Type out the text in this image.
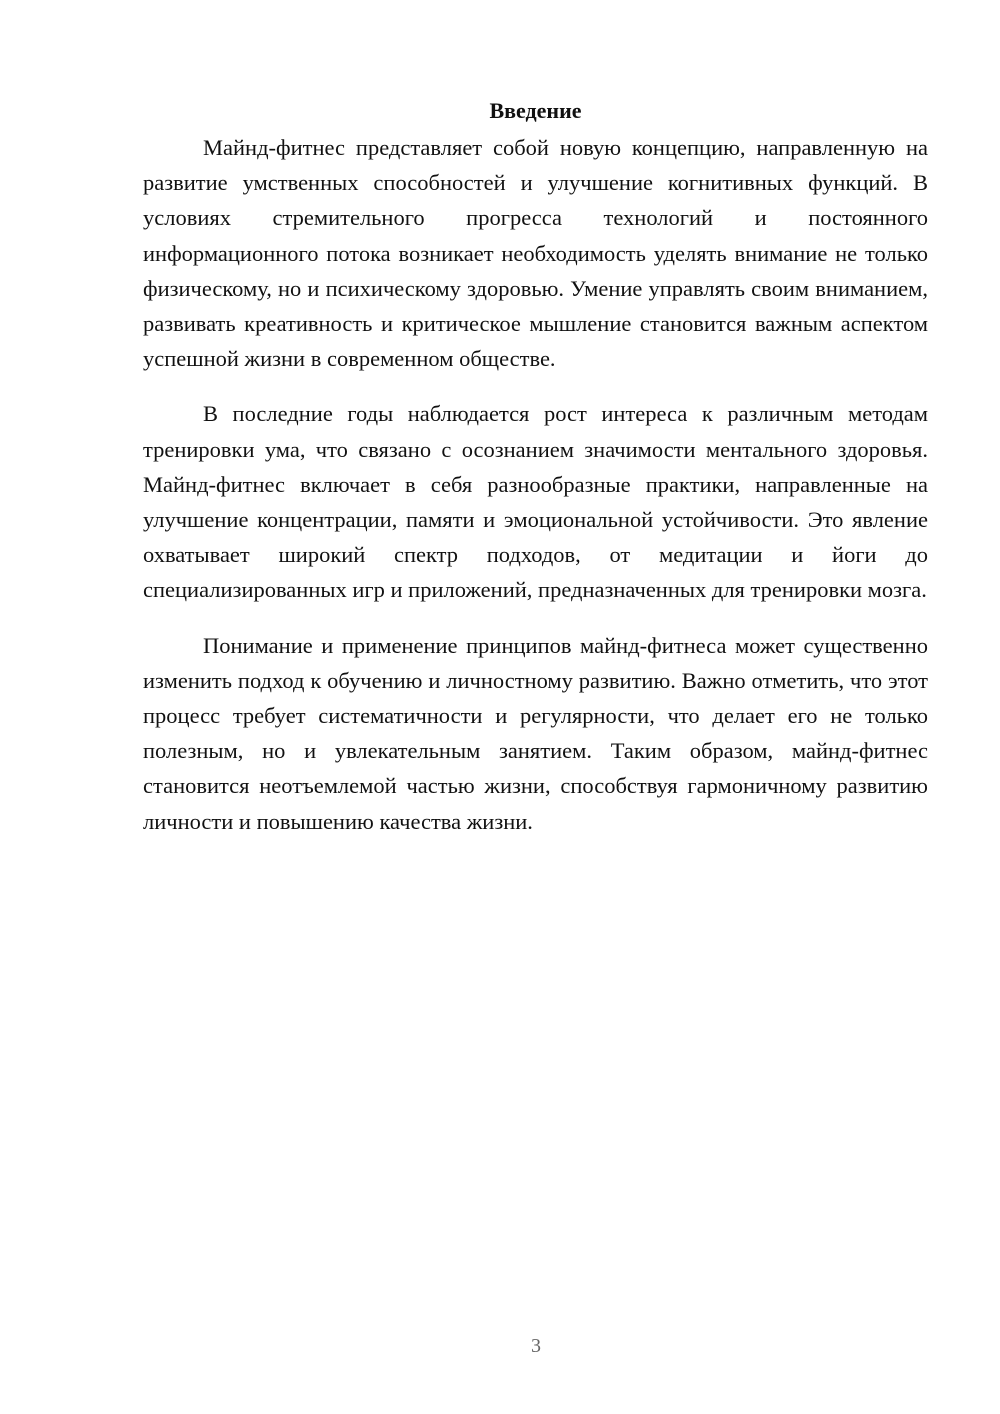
Введение

Майнд-фитнес представляет собой новую концепцию, направленную на развитие умственных способностей и улучшение когнитивных функций. В условиях стремительного прогресса технологий и постоянного информационного потока возникает необходимость уделять внимание не только физическому, но и психическому здоровью. Умение управлять своим вниманием, развивать креативность и критическое мышление становится важным аспектом успешной жизни в современном обществе.

В последние годы наблюдается рост интереса к различным методам тренировки ума, что связано с осознанием значимости ментального здоровья. Майнд-фитнес включает в себя разнообразные практики, направленные на улучшение концентрации, памяти и эмоциональной устойчивости. Это явление охватывает широкий спектр подходов, от медитации и йоги до специализированных игр и приложений, предназначенных для тренировки мозга.

Понимание и применение принципов майнд-фитнеса может существенно изменить подход к обучению и личностному развитию. Важно отметить, что этот процесс требует систематичности и регулярности, что делает его не только полезным, но и увлекательным занятием. Таким образом, майнд-фитнес становится неотъемлемой частью жизни, способствуя гармоничному развитию личности и повышению качества жизни.

3
